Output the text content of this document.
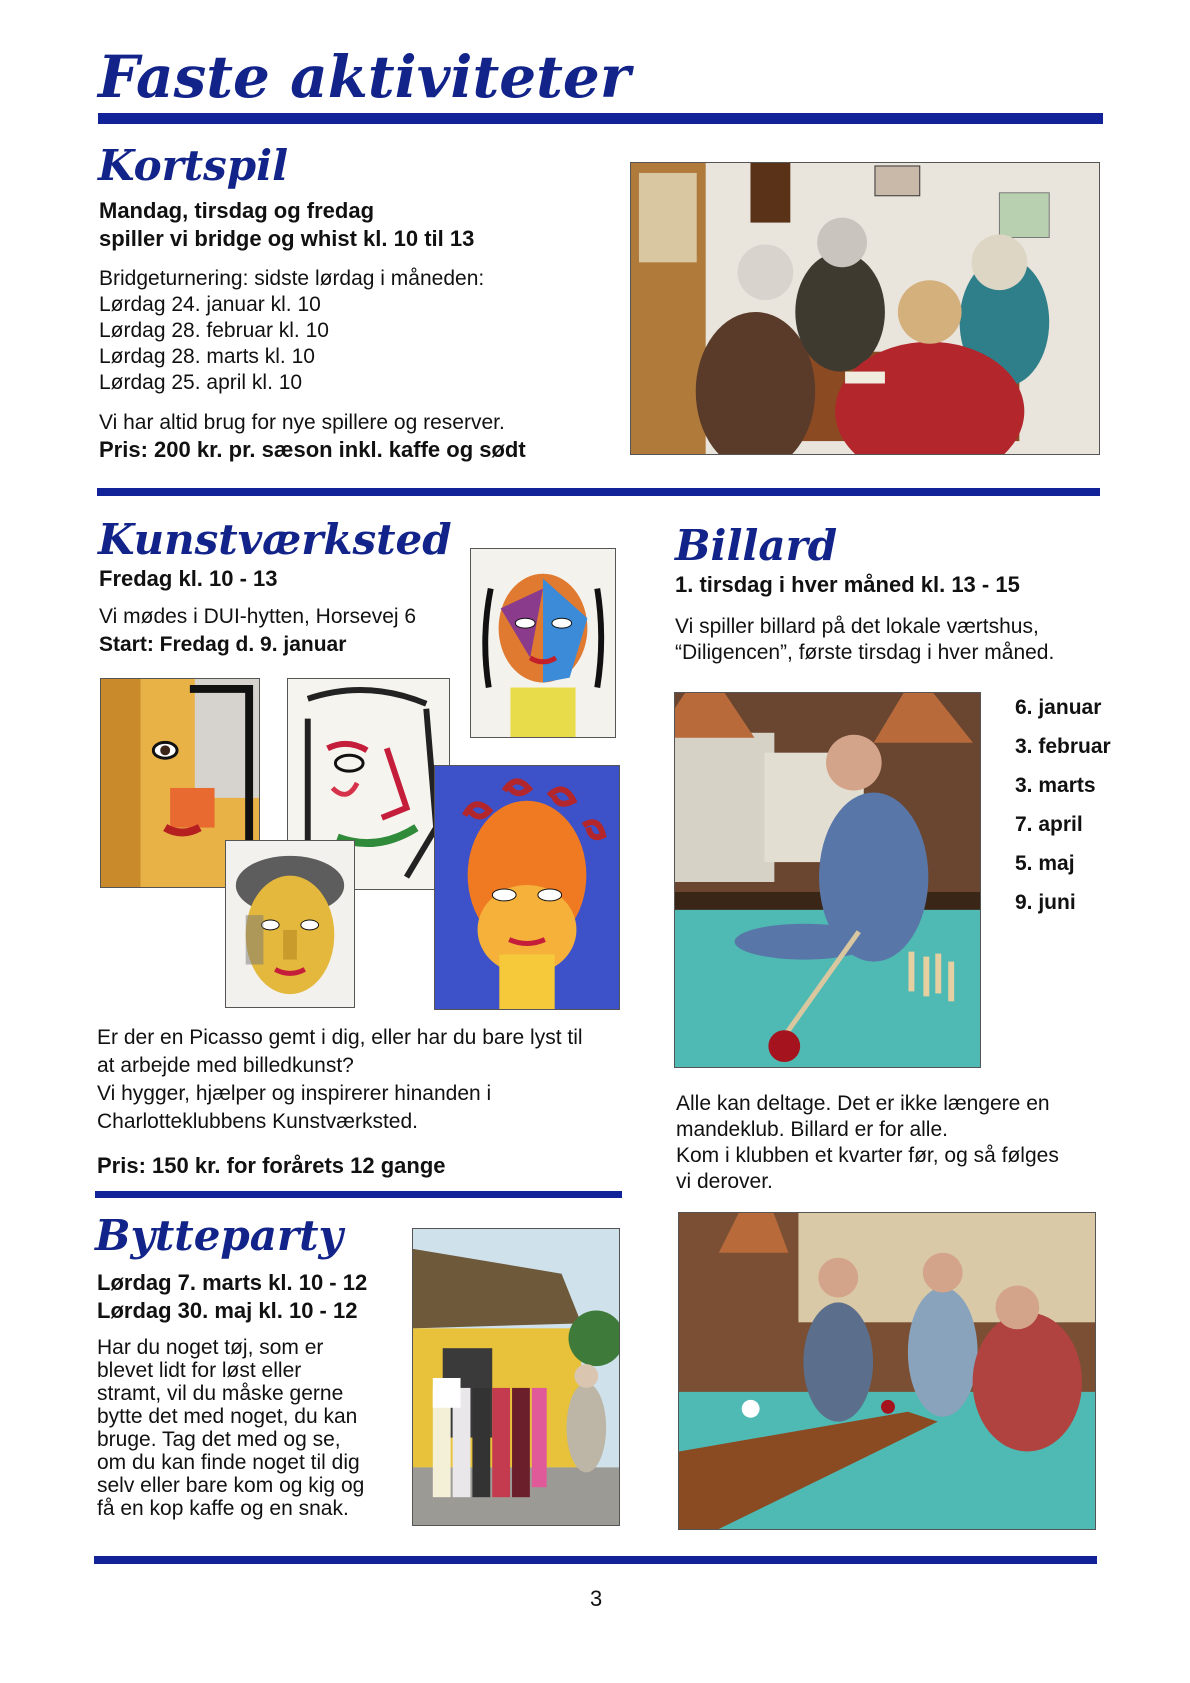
Faste aktiviteter
Kortspil
Mandag, tirsdag og fredag
spiller vi bridge og whist kl. 10 til 13
Bridgeturnering: sidste lørdag i måneden:
Lørdag 24. januar kl. 10
Lørdag 28. februar kl. 10
Lørdag 28. marts kl. 10
Lørdag 25. april kl. 10
Vi har altid brug for nye spillere og reserver.
Pris: 200 kr. pr. sæson inkl. kaffe og sødt
Kunstværksted
Fredag kl. 10 - 13
Vi mødes i DUI-hytten, Horsevej 6
Start: Fredag d. 9. januar
Er der en Picasso gemt i dig, eller har du bare lyst til
at arbejde med billedkunst?
Vi hygger, hjælper og inspirerer hinanden i
Charlotteklubbens Kunstværksted.
Pris: 150 kr. for forårets 12 gange
Billard
1. tirsdag i hver måned kl. 13 - 15
Vi spiller billard på det lokale værtshus,
“Diligencen”, første tirsdag i hver måned.
6. januar
3. februar
3. marts
7. april
5. maj
9. juni
Alle kan deltage. Det er ikke længere en
mandeklub. Billard er for alle.
Kom i klubben et kvarter før, og så følges
vi derover.
Bytteparty
Lørdag 7. marts kl. 10 - 12
Lørdag 30. maj kl. 10 - 12
Har du noget tøj, som er
blevet lidt for løst eller
stramt, vil du måske gerne
bytte det med noget, du kan
bruge. Tag det med og se,
om du kan finde noget til dig
selv eller bare kom og kig og
få en kop kaffe og en snak.
3
